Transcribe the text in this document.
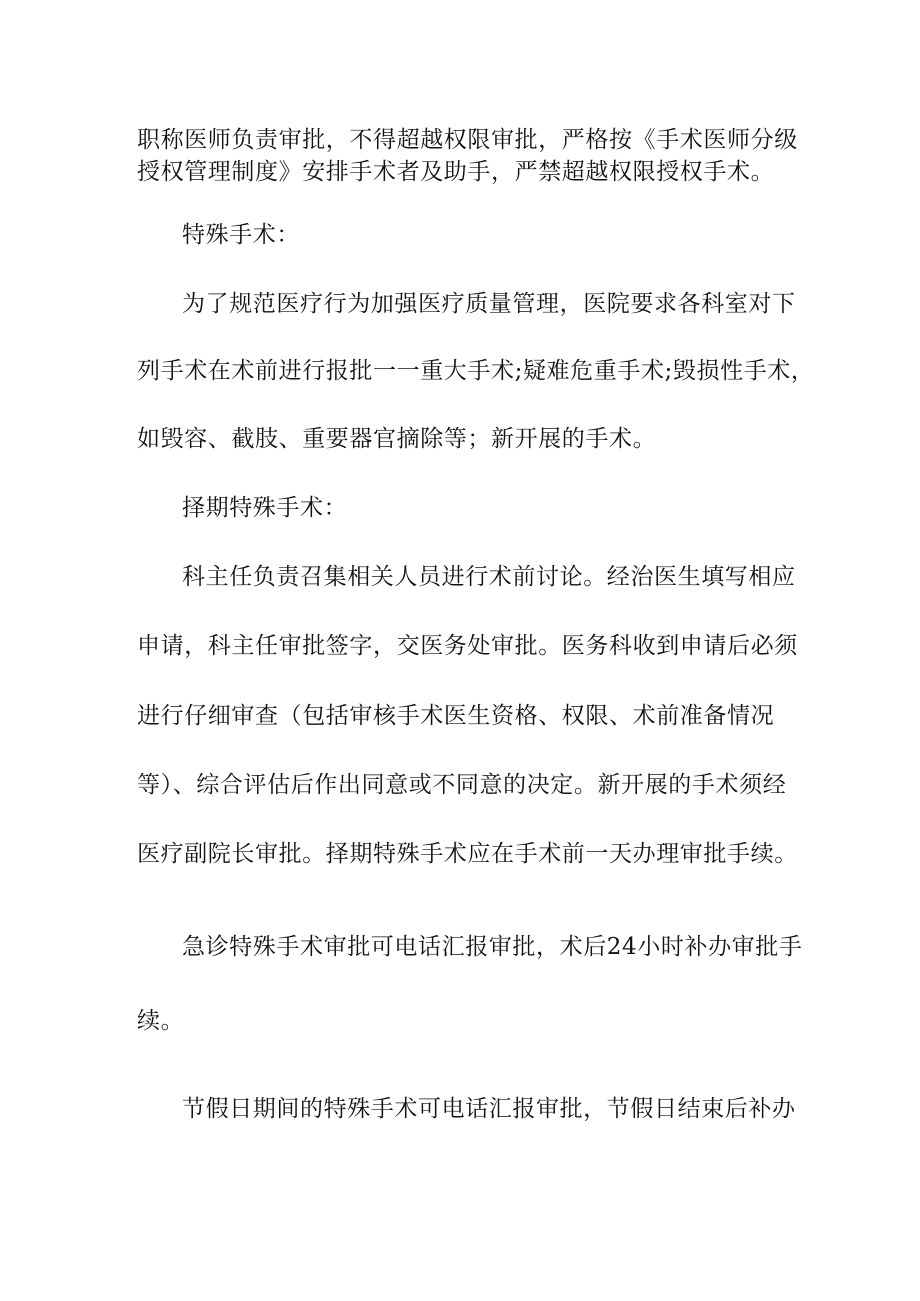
职称医师负责审批，不得超越权限审批，严格按《手术医师分级
授权管理制度》安排手术者及助手，严禁超越权限授权手术。
特殊手术：
为了规范医疗行为加强医疗质量管理，医院要求各科室对下
列手术在术前进行报批一一重大手术;疑难危重手术;毁损性手术，
如毁容、截肢、重要器官摘除等；新开展的手术。
择期特殊手术：
科主任负责召集相关人员进行术前讨论。经治医生填写相应
申请，科主任审批签字，交医务处审批。医务科收到申请后必须
进行仔细审查（包括审核手术医生资格、权限、术前准备情况
等）、综合评估后作出同意或不同意的决定。新开展的手术须经
医疗副院长审批。择期特殊手术应在手术前一天办理审批手续。
急诊特殊手术审批可电话汇报审批，术后24小时补办审批手
续。
节假日期间的特殊手术可电话汇报审批，节假日结束后补办
